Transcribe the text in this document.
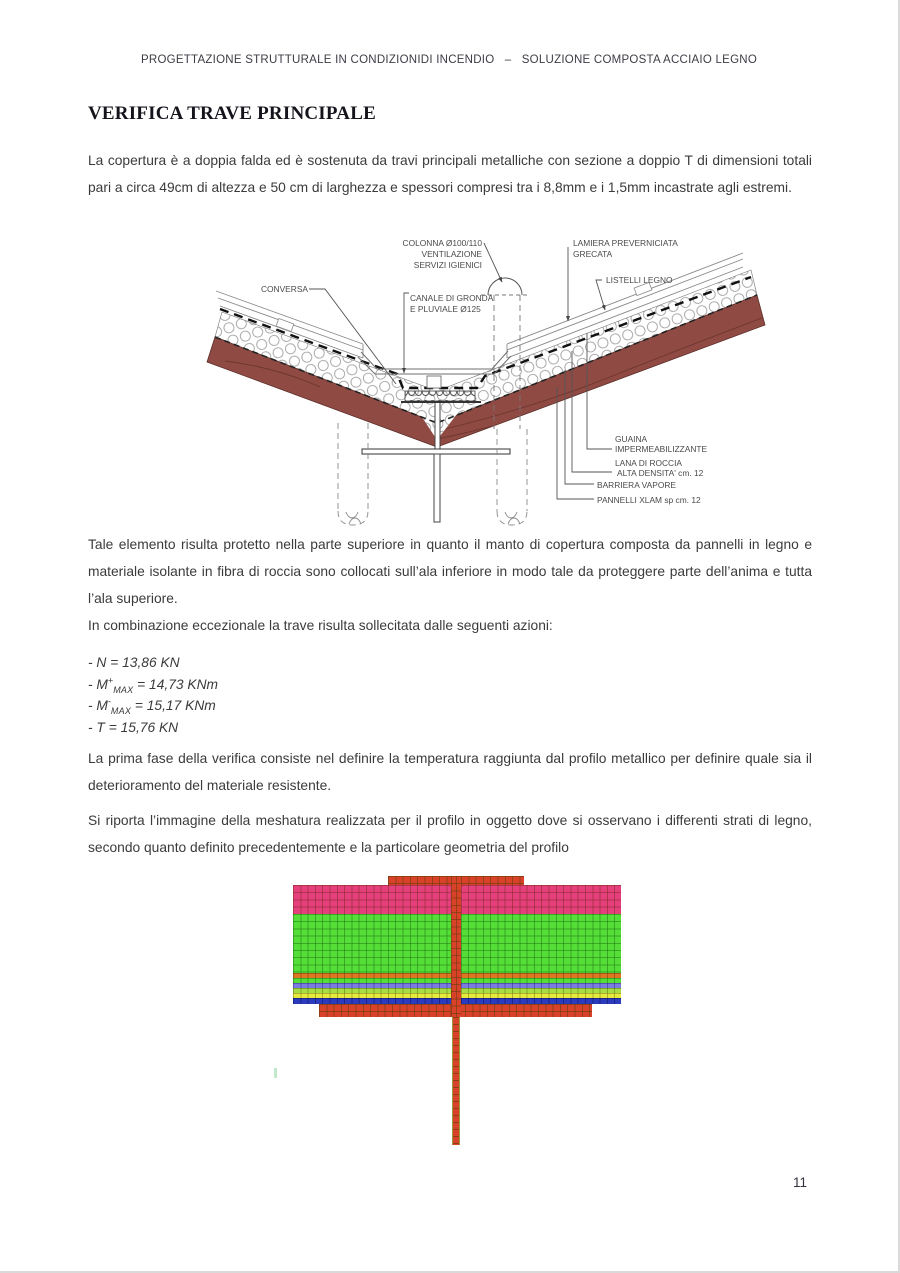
PROGETTAZIONE STRUTTURALE IN CONDIZIONIDI INCENDIO   –   SOLUZIONE COMPOSTA ACCIAIO LEGNO
VERIFICA TRAVE PRINCIPALE
La copertura è a doppia falda ed è sostenuta da travi principali metalliche con sezione a doppio T di dimensioni totali pari a circa 49cm di altezza e 50 cm di larghezza e spessori compresi tra i 8,8mm e i 1,5mm incastrate agli estremi.
COLONNA Ø100/110
VENTILAZIONE
SERVIZI IGIENICI
LAMIERA PREVERNICIATA
GRECATA
LISTELLI LEGNO
CONVERSA
CANALE DI GRONDA
E PLUVIALE Ø125
GUAINA
IMPERMEABILIZZANTE
LANA DI ROCCIA
ALTA DENSITA' cm. 12
BARRIERA VAPORE
PANNELLI XLAM sp cm. 12
Tale elemento risulta protetto nella parte superiore in quanto il manto di copertura composta da pannelli in legno e materiale isolante in fibra di roccia sono collocati sull’ala inferiore in modo tale da proteggere parte dell’anima e tutta l’ala superiore.
In combinazione eccezionale la trave risulta sollecitata dalle seguenti azioni:
- N = 13,86 KN
- $M^+_{MAX} = 14,73$ KNm
- $M^-_{MAX} = 15,17$ KNm
- T = 15,76 KN
La prima fase della verifica consiste nel definire la temperatura raggiunta dal profilo metallico per definire quale sia il deterioramento del materiale resistente.
Si riporta l’immagine della meshatura realizzata per il profilo in oggetto dove si osservano i differenti strati di legno, secondo quanto definito precedentemente e la particolare geometria del profilo
11
